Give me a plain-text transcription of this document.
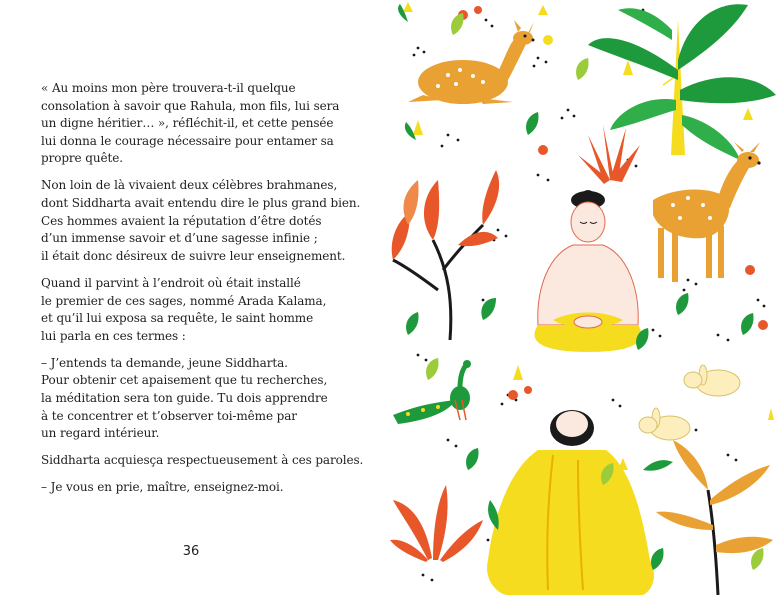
« Au moins mon père trouvera-t-il quelque
consolation à savoir que Rahula, mon fils, lui sera
un digne héritier… », réfléchit-il, et cette pensée
lui donna le courage nécessaire pour entamer sa
propre quête.

Non loin de là vivaient deux célèbres brahmanes,
dont Siddharta avait entendu dire le plus grand bien.
Ces hommes avaient la réputation d’être dotés
d’un immense savoir et d’une sagesse infinie ;
il était donc désireux de suivre leur enseignement.

Quand il parvint à l’endroit où était installé
le premier de ces sages, nommé Arada Kalama,
et qu’il lui exposa sa requête, le saint homme
lui parla en ces termes :

– J’entends ta demande, jeune Siddharta.
Pour obtenir cet apaisement que tu recherches,
la méditation sera ton guide. Tu dois apprendre
à te concentrer et t’observer toi-même par
un regard intérieur.

Siddharta acquiesça respectueusement à ces paroles.

– Je vous en prie, maître, enseignez-moi.

36
